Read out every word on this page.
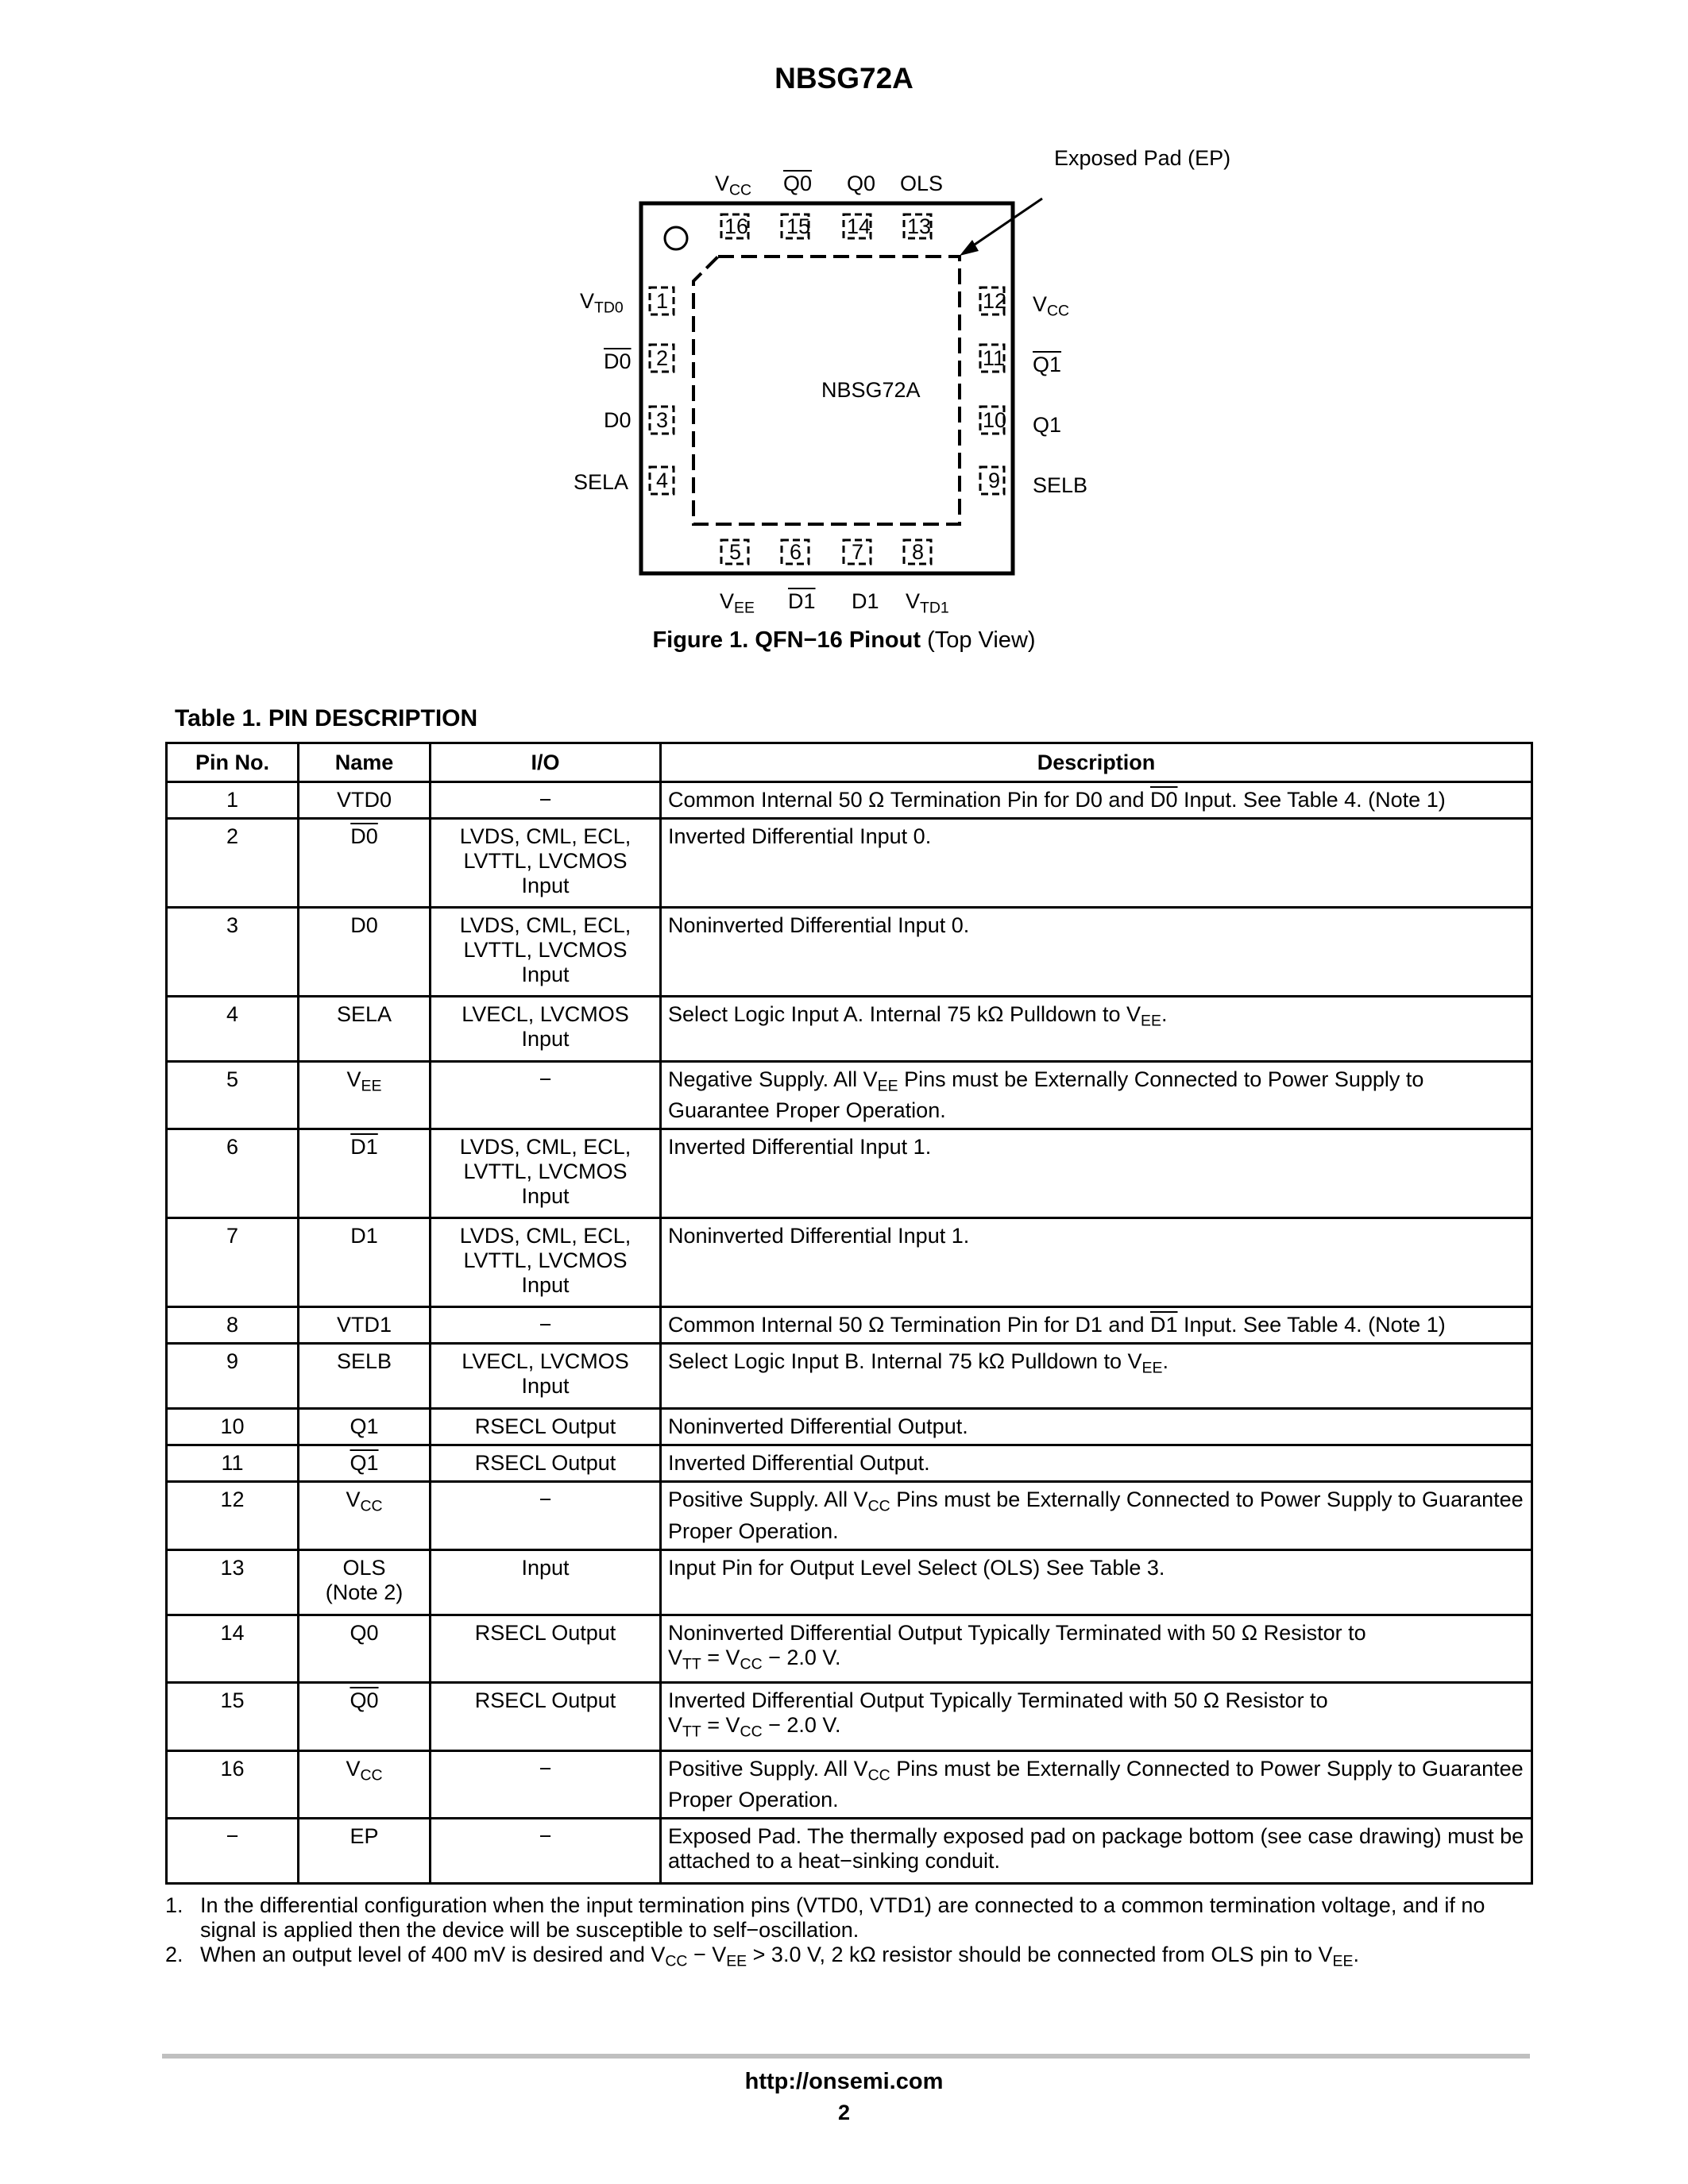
NBSG72A
16 15 14 13
1
2
3
4
12
11
10
9
5 6 7 8
$V_{CC}$ Q0 Q0 OLS
$V_{TD0}$
D0
D0
SELA
$V_{CC}$
Q1
Q1
SELB
$V_{EE}$ D1 D1 $V_{TD1}$
NBSG72A
Exposed Pad (EP)
Figure 1. QFN−16 Pinout (Top View)
Table 1. PIN DESCRIPTION
Pin No.	Name	I/O	Description
1	VTD0	−	Common Internal 50 Ω Termination Pin for D0 and D0 Input. See Table 4. (Note 1)
2	D0	LVDS, CML, ECL,
LVTTL, LVCMOS
Input	Inverted Differential Input 0.
3	D0	LVDS, CML, ECL,
LVTTL, LVCMOS
Input	Noninverted Differential Input 0.
4	SELA	LVECL, LVCMOS
Input	Select Logic Input A. Internal 75 kΩ Pulldown to $V_{EE}$.
5	$V_{EE}$	−	Negative Supply. All $V_{EE}$ Pins must be Externally Connected to Power Supply to Guarantee Proper Operation.
6	D1	LVDS, CML, ECL,
LVTTL, LVCMOS
Input	Inverted Differential Input 1.
7	D1	LVDS, CML, ECL,
LVTTL, LVCMOS
Input	Noninverted Differential Input 1.
8	VTD1	−	Common Internal 50 Ω Termination Pin for D1 and D1 Input. See Table 4. (Note 1)
9	SELB	LVECL, LVCMOS
Input	Select Logic Input B. Internal 75 kΩ Pulldown to $V_{EE}$.
10	Q1	RSECL Output	Noninverted Differential Output.
11	Q1	RSECL Output	Inverted Differential Output.
12	$V_{CC}$	−	Positive Supply. All $V_{CC}$ Pins must be Externally Connected to Power Supply to Guarantee Proper Operation.
13	OLS
(Note 2)	Input	Input Pin for Output Level Select (OLS) See Table 3.
14	Q0	RSECL Output	Noninverted Differential Output Typically Terminated with 50 Ω Resistor to
$V_{TT} = V_{CC} - 2.0$ V.

15	Q0	RSECL Output	Inverted Differential Output Typically Terminated with 50 Ω Resistor to
$V_{TT} = V_{CC} - 2.0$ V.

16	$V_{CC}$	−	Positive Supply. All $V_{CC}$ Pins must be Externally Connected to Power Supply to Guarantee Proper Operation.
−	EP	−	Exposed Pad. The thermally exposed pad on package bottom (see case drawing) must be attached to a heat−sinking conduit.
1. In the differential configuration when the input termination pins (VTD0, VTD1) are connected to a common termination voltage, and if no signal is applied then the device will be susceptible to self−oscillation.
2. When an output level of 400 mV is desired and $V_{CC} - V_{EE} > 3.0$ V, 2 kΩ resistor should be connected from OLS pin to $V_{EE}$.
http://onsemi.com
2
